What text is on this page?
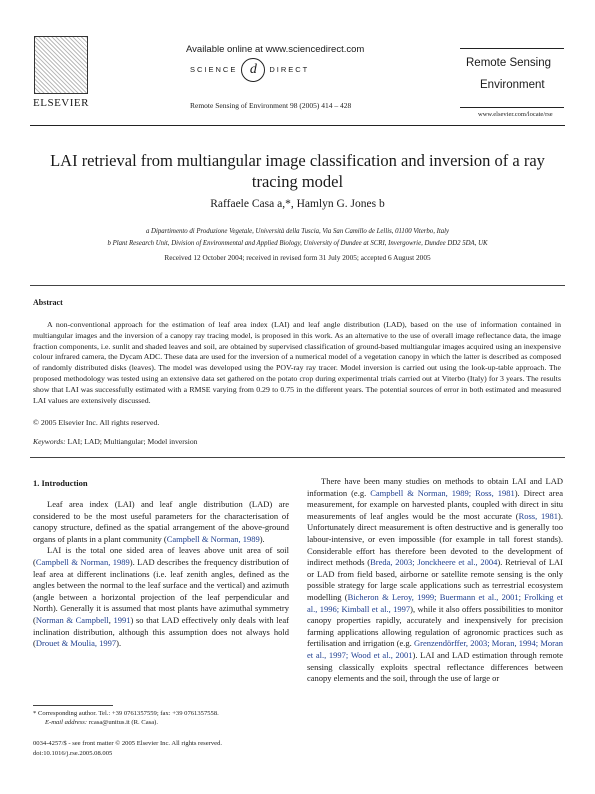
ELSEVIER
Available online at www.sciencedirect.com
SCIENCE d DIRECT
Remote Sensing of Environment 98 (2005) 414 – 428
Remote Sensing
Environment
www.elsevier.com/locate/rse
LAI retrieval from multiangular image classification and inversion of a ray tracing model
Raffaele Casa a,*, Hamlyn G. Jones b
a Dipartimento di Produzione Vegetale, Università della Tuscia, Via San Camillo de Lellis, 01100 Viterbo, Italy
b Plant Research Unit, Division of Environmental and Applied Biology, University of Dundee at SCRI, Invergowrie, Dundee DD2 5DA, UK
Received 12 October 2004; received in revised form 31 July 2005; accepted 6 August 2005
Abstract
A non-conventional approach for the estimation of leaf area index (LAI) and leaf angle distribution (LAD), based on the use of information contained in multiangular images and the inversion of a canopy ray tracing model, is proposed in this work. As an alternative to the use of overall image reflectance data, the image fraction components, i.e. sunlit and shaded leaves and soil, are obtained by supervised classification of ground-based multiangular images acquired using an inexpensive colour infrared camera, the Dycam ADC. These data are used for the inversion of a numerical model of a vegetation canopy in which the latter is described as composed of randomly distributed disks (leaves). The model was developed using the POV-ray ray tracer. Model inversion is carried out using the look-up-table approach. The proposed methodology was tested using an extensive data set gathered on the potato crop during experimental trials carried out at Viterbo (Italy) for 3 years. The results show that LAI was successfully estimated with a RMSE varying from 0.29 to 0.75 in the different years. The potential sources of error in both estimated and measured LAI values are extensively discussed.
© 2005 Elsevier Inc. All rights reserved.
Keywords: LAI; LAD; Multiangular; Model inversion
1. Introduction

Leaf area index (LAI) and leaf angle distribution (LAD) are considered to be the most useful parameters for the characterisation of canopy structure, defined as the spatial arrangement of the above-ground organs of plants in a plant community (Campbell & Norman, 1989).

LAI is the total one sided area of leaves above unit area of soil (Campbell & Norman, 1989). LAD describes the frequency distribution of leaf area at different inclinations (i.e. leaf zenith angles, defined as the angles between the normal to the leaf surface and the vertical) and azimuth (angle between a horizontal projection of the leaf perpendicular and North). Generally it is assumed that most plants have azimuthal symmetry (Norman & Campbell, 1991) so that LAD effectively only deals with leaf inclination distribution, although this assumption does not always hold (Drouet & Moulia, 1997).

There have been many studies on methods to obtain LAI and LAD information (e.g. Campbell & Norman, 1989; Ross, 1981). Direct area measurement, for example on harvested plants, coupled with direct in situ measurements of leaf angles would be the most accurate (Ross, 1981). Unfortunately direct measurement is often destructive and is generally too labour-intensive, or even impossible (for example in tall forest stands). Considerable effort has therefore been devoted to the development of indirect methods (Breda, 2003; Jonckheere et al., 2004). Retrieval of LAI or LAD from field based, airborne or satellite remote sensing is the only possible strategy for large scale applications such as terrestrial ecosystem modelling (Bicheron & Leroy, 1999; Buermann et al., 2001; Frolking et al., 1996; Kimball et al., 1997), while it also offers possibilities to monitor canopy properties rapidly, accurately and inexpensively for precision farming applications allowing regulation of agronomic practices such as fertilisation and irrigation (e.g. Grenzendörffer, 2003; Moran, 1994; Moran et al., 1997; Wood et al., 2001). LAI and LAD estimation through remote sensing classically exploits spectral reflectance differences between canopy elements and the soil, through the use of large or

* Corresponding author. Tel.: +39 0761357559; fax: +39 0761357558.
E-mail address: rcasa@unitus.it (R. Casa).
0034-4257/$ - see front matter © 2005 Elsevier Inc. All rights reserved.
doi:10.1016/j.rse.2005.08.005
